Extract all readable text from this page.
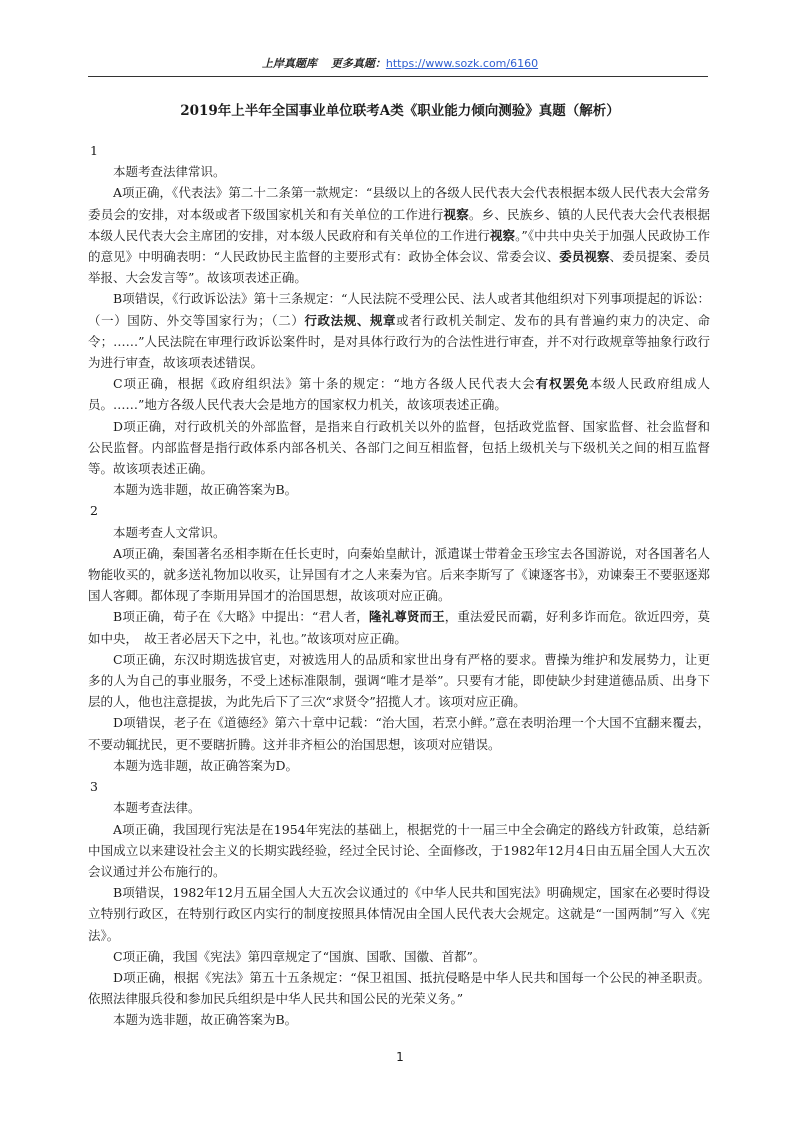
上岸真题库 更多真题：https://www.sozk.com/6160
2019年上半年全国事业单位联考A类《职业能力倾向测验》真题（解析）

1

本题考查法律常识。

A项正确，《代表法》第二十二条第一款规定：“县级以上的各级人民代表大会代表根据本级人民代表大会常务委员会的安排，对本级或者下级国家机关和有关单位的工作进行视察。乡、民族乡、镇的人民代表大会代表根据本级人民代表大会主席团的安排，对本级人民政府和有关单位的工作进行视察。”《中共中央关于加强人民政协工作的意见》中明确表明：“人民政协民主监督的主要形式有：政协全体会议、常委会议、委员视察、委员提案、委员举报、大会发言等”。故该项表述正确。

B项错误，《行政诉讼法》第十三条规定：“人民法院不受理公民、法人或者其他组织对下列事项提起的诉讼：（一）国防、外交等国家行为；（二）行政法规、规章或者行政机关制定、发布的具有普遍约束力的决定、命令；……”人民法院在审理行政诉讼案件时，是对具体行政行为的合法性进行审查，并不对行政规章等抽象行政行为进行审查，故该项表述错误。

C项正确，根据《政府组织法》第十条的规定：“地方各级人民代表大会有权罢免本级人民政府组成人员。……”地方各级人民代表大会是地方的国家权力机关，故该项表述正确。

D项正确，对行政机关的外部监督，是指来自行政机关以外的监督，包括政党监督、国家监督、社会监督和公民监督。内部监督是指行政体系内部各机关、各部门之间互相监督，包括上级机关与下级机关之间的相互监督等。故该项表述正确。

本题为选非题，故正确答案为B。

2

本题考查人文常识。

A项正确，秦国著名丞相李斯在任长吏时，向秦始皇献计，派遣谋士带着金玉珍宝去各国游说，对各国著名人物能收买的，就多送礼物加以收买，让异国有才之人来秦为官。后来李斯写了《谏逐客书》，劝谏秦王不要驱逐郑国人客卿。都体现了李斯用异国才的治国思想，故该项对应正确。

B项正确，荀子在《大略》中提出：“君人者，隆礼尊贤而王，重法爱民而霸，好利多诈而危。欲近四旁，莫如中央，　故王者必居天下之中，礼也。”故该项对应正确。

C项正确，东汉时期选拔官吏，对被选用人的品质和家世出身有严格的要求。曹操为维护和发展势力，让更多的人为自己的事业服务，不受上述标准限制，强调“唯才是举”。只要有才能，即使缺少封建道德品质、出身下层的人，他也注意提拔，为此先后下了三次“求贤令”招揽人才。该项对应正确。

D项错误，老子在《道德经》第六十章中记载：“治大国，若烹小鲜。”意在表明治理一个大国不宜翻来覆去，不要动辄扰民，更不要瞎折腾。这并非齐桓公的治国思想，该项对应错误。

本题为选非题，故正确答案为D。

3

本题考查法律。

A项正确，我国现行宪法是在1954年宪法的基础上，根据党的十一届三中全会确定的路线方针政策，总结新中国成立以来建设社会主义的长期实践经验，经过全民讨论、全面修改，于1982年12月4日由五届全国人大五次会议通过并公布施行的。

B项错误，1982年12月五届全国人大五次会议通过的《中华人民共和国宪法》明确规定，国家在必要时得设立特别行政区，在特别行政区内实行的制度按照具体情况由全国人民代表大会规定。这就是“一国两制”写入《宪法》。

C项正确，我国《宪法》第四章规定了“国旗、国歌、国徽、首都”。

D项正确，根据《宪法》第五十五条规定：“保卫祖国、抵抗侵略是中华人民共和国每一个公民的神圣职责。依照法律服兵役和参加民兵组织是中华人民共和国公民的光荣义务。”

本题为选非题，故正确答案为B。

1
